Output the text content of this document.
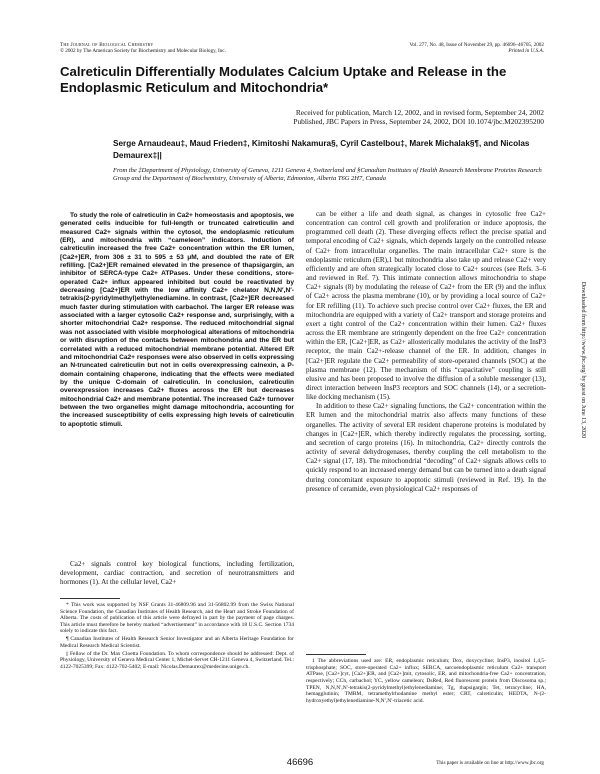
The Journal of Biological Chemistry
© 2002 by The American Society for Biochemistry and Molecular Biology, Inc.
Vol. 277, No. 48, Issue of November 29, pp. 46696–46705, 2002
Printed in U.S.A.
Calreticulin Differentially Modulates Calcium Uptake and Release in the Endoplasmic Reticulum and Mitochondria*
Received for publication, March 12, 2002, and in revised form, September 24, 2002
Published, JBC Papers in Press, September 24, 2002, DOI 10.1074/jbc.M202395200
Serge Arnaudeau‡, Maud Frieden‡, Kimitoshi Nakamura§, Cyril Castelbou‡, Marek Michalak§¶, and Nicolas Demaurex‡||
From the ‡Department of Physiology, University of Geneva, 1211 Geneva 4, Switzerland and §Canadian Institutes of Health Research Membrane Proteins Research Group and the Department of Biochemistry, University of Alberta, Edmonton, Alberta T6G 2H7, Canada

To study the role of calreticulin in Ca2+ homeostasis and apoptosis, we generated cells inducible for full-length or truncated calreticulin and measured Ca2+ signals within the cytosol, the endoplasmic reticulum (ER), and mitochondria with “cameleon” indicators. Induction of calreticulin increased the free Ca2+ concentration within the ER lumen, [Ca2+]ER, from 306 ± 31 to 595 ± 53 μM, and doubled the rate of ER refilling. [Ca2+]ER remained elevated in the presence of thapsigargin, an inhibitor of SERCA-type Ca2+ ATPases. Under these conditions, store-operated Ca2+ influx appeared inhibited but could be reactivated by decreasing [Ca2+]ER with the low affinity Ca2+ chelator N,N,N′,N′-tetrakis(2-pyridylmethyl)ethylenediamine. In contrast, [Ca2+]ER decreased much faster during stimulation with carbachol. The larger ER release was associated with a larger cytosolic Ca2+ response and, surprisingly, with a shorter mitochondrial Ca2+ response. The reduced mitochondrial signal was not associated with visible morphological alterations of mitochondria or with disruption of the contacts between mitochondria and the ER but correlated with a reduced mitochondrial membrane potential. Altered ER and mitochondrial Ca2+ responses were also observed in cells expressing an N-truncated calreticulin but not in cells overexpressing calnexin, a P-domain containing chaperone, indicating that the effects were mediated by the unique C-domain of calreticulin. In conclusion, calreticulin overexpression increases Ca2+ fluxes across the ER but decreases mitochondrial Ca2+ and membrane potential. The increased Ca2+ turnover between the two organelles might damage mitochondria, accounting for the increased susceptibility of cells expressing high levels of calreticulin to apoptotic stimuli.

Ca2+ signals control key biological functions, including fertilization, development, cardiac contraction, and secretion of neurotransmitters and hormones (1). At the cellular level, Ca2+

* This work was supported by NSF Grants 31-46809.96 and 31-56802.99 from the Swiss National Science Foundation, the Canadian Institutes of Health Research, and the Heart and Stroke Foundation of Alberta. The costs of publication of this article were defrayed in part by the payment of page charges. This article must therefore be hereby marked “advertisement” in accordance with 18 U.S.C. Section 1734 solely to indicate this fact.

¶ Canadian Institutes of Health Research Senior Investigator and an Alberta Heritage Foundation for Medical Research Medical Scientist.

|| Fellow of the Dr. Max Cloetta Foundation. To whom correspondence should be addressed: Dept. of Physiology, University of Geneva Medical Center 1, Michel-Servet CH-1211 Geneva 4, Switzerland. Tel.: 4122-7025399; Fax: 4122-702-5402; E-mail: Nicolas.Demaurex@medecine.unige.ch.

can be either a life and death signal, as changes in cytosolic free Ca2+ concentration can control cell growth and proliferation or induce apoptosis, the programmed cell death (2). These diverging effects reflect the precise spatial and temporal encoding of Ca2+ signals, which depends largely on the controlled release of Ca2+ from intracellular organelles. The main intracellular Ca2+ store is the endoplasmic reticulum (ER),1 but mitochondria also take up and release Ca2+ very efficiently and are often strategically located close to Ca2+ sources (see Refs. 3–6 and reviewed in Ref. 7). This intimate connection allows mitochondria to shape Ca2+ signals (8) by modulating the release of Ca2+ from the ER (9) and the influx of Ca2+ across the plasma membrane (10), or by providing a local source of Ca2+ for ER refilling (11). To achieve such precise control over Ca2+ fluxes, the ER and mitochondria are equipped with a variety of Ca2+ transport and storage proteins and exert a tight control of the Ca2+ concentration within their lumen. Ca2+ fluxes across the ER membrane are stringently dependent on the free Ca2+ concentration within the ER, [Ca2+]ER, as Ca2+ allosterically modulates the activity of the InsP3 receptor, the main Ca2+-release channel of the ER. In addition, changes in [Ca2+]ER regulate the Ca2+ permeability of store-operated channels (SOC) at the plasma membrane (12). The mechanism of this “capacitative” coupling is still elusive and has been proposed to involve the diffusion of a soluble messenger (13), direct interaction between InsP3 receptors and SOC channels (14), or a secretion-like docking mechanism (15).

In addition to these Ca2+ signaling functions, the Ca2+ concentration within the ER lumen and the mitochondrial matrix also affects many functions of these organelles. The activity of several ER resident chaperone proteins is modulated by changes in [Ca2+]ER, which thereby indirectly regulates the processing, sorting, and secretion of cargo proteins (16). In mitochondria, Ca2+ directly controls the activity of several dehydrogenases, thereby coupling the cell metabolism to the Ca2+ signal (17, 18). The mitochondrial “decoding” of Ca2+ signals allows cells to quickly respond to an increased energy demand but can be turned into a death signal during concomitant exposure to apoptotic stimuli (reviewed in Ref. 19). In the presence of ceramide, even physiological Ca2+ responses of

1 The abbreviations used are: ER, endoplasmic reticulum; Dox, doxycycline; InsP3, inositol 1,4,5-trisphosphate; SOC, store-operated Ca2+ influx; SERCA, sarcoendoplasmic reticulum Ca2+ transport ATPase, [Ca2+]cyt, [Ca2+]ER, and [Ca2+]mit, cytosolic, ER, and mitochondria-free Ca2+ concentration, respectively; CCh, carbachol; YC, yellow cameleon; DsRed, Red fluorescent protein from Discosoma sp.; TPEN, N,N,N′,N′-tetrakis(2-pyridylmethyl)ethylenediamine; Tg, thapsigargin; Tet, tetracycline; HA, hemagglutinin; TMRM, tetramethylrhodamine methyl ester; CRT, calreticulin; HEDTA, N-(2-hydroxyethyl)ethylenediamine-N,N′,N′-triacetic acid.

46696	This paper is available on line at http://www.jbc.org
Downloaded from http://www.jbc.org/ by guest on June 13, 2020
